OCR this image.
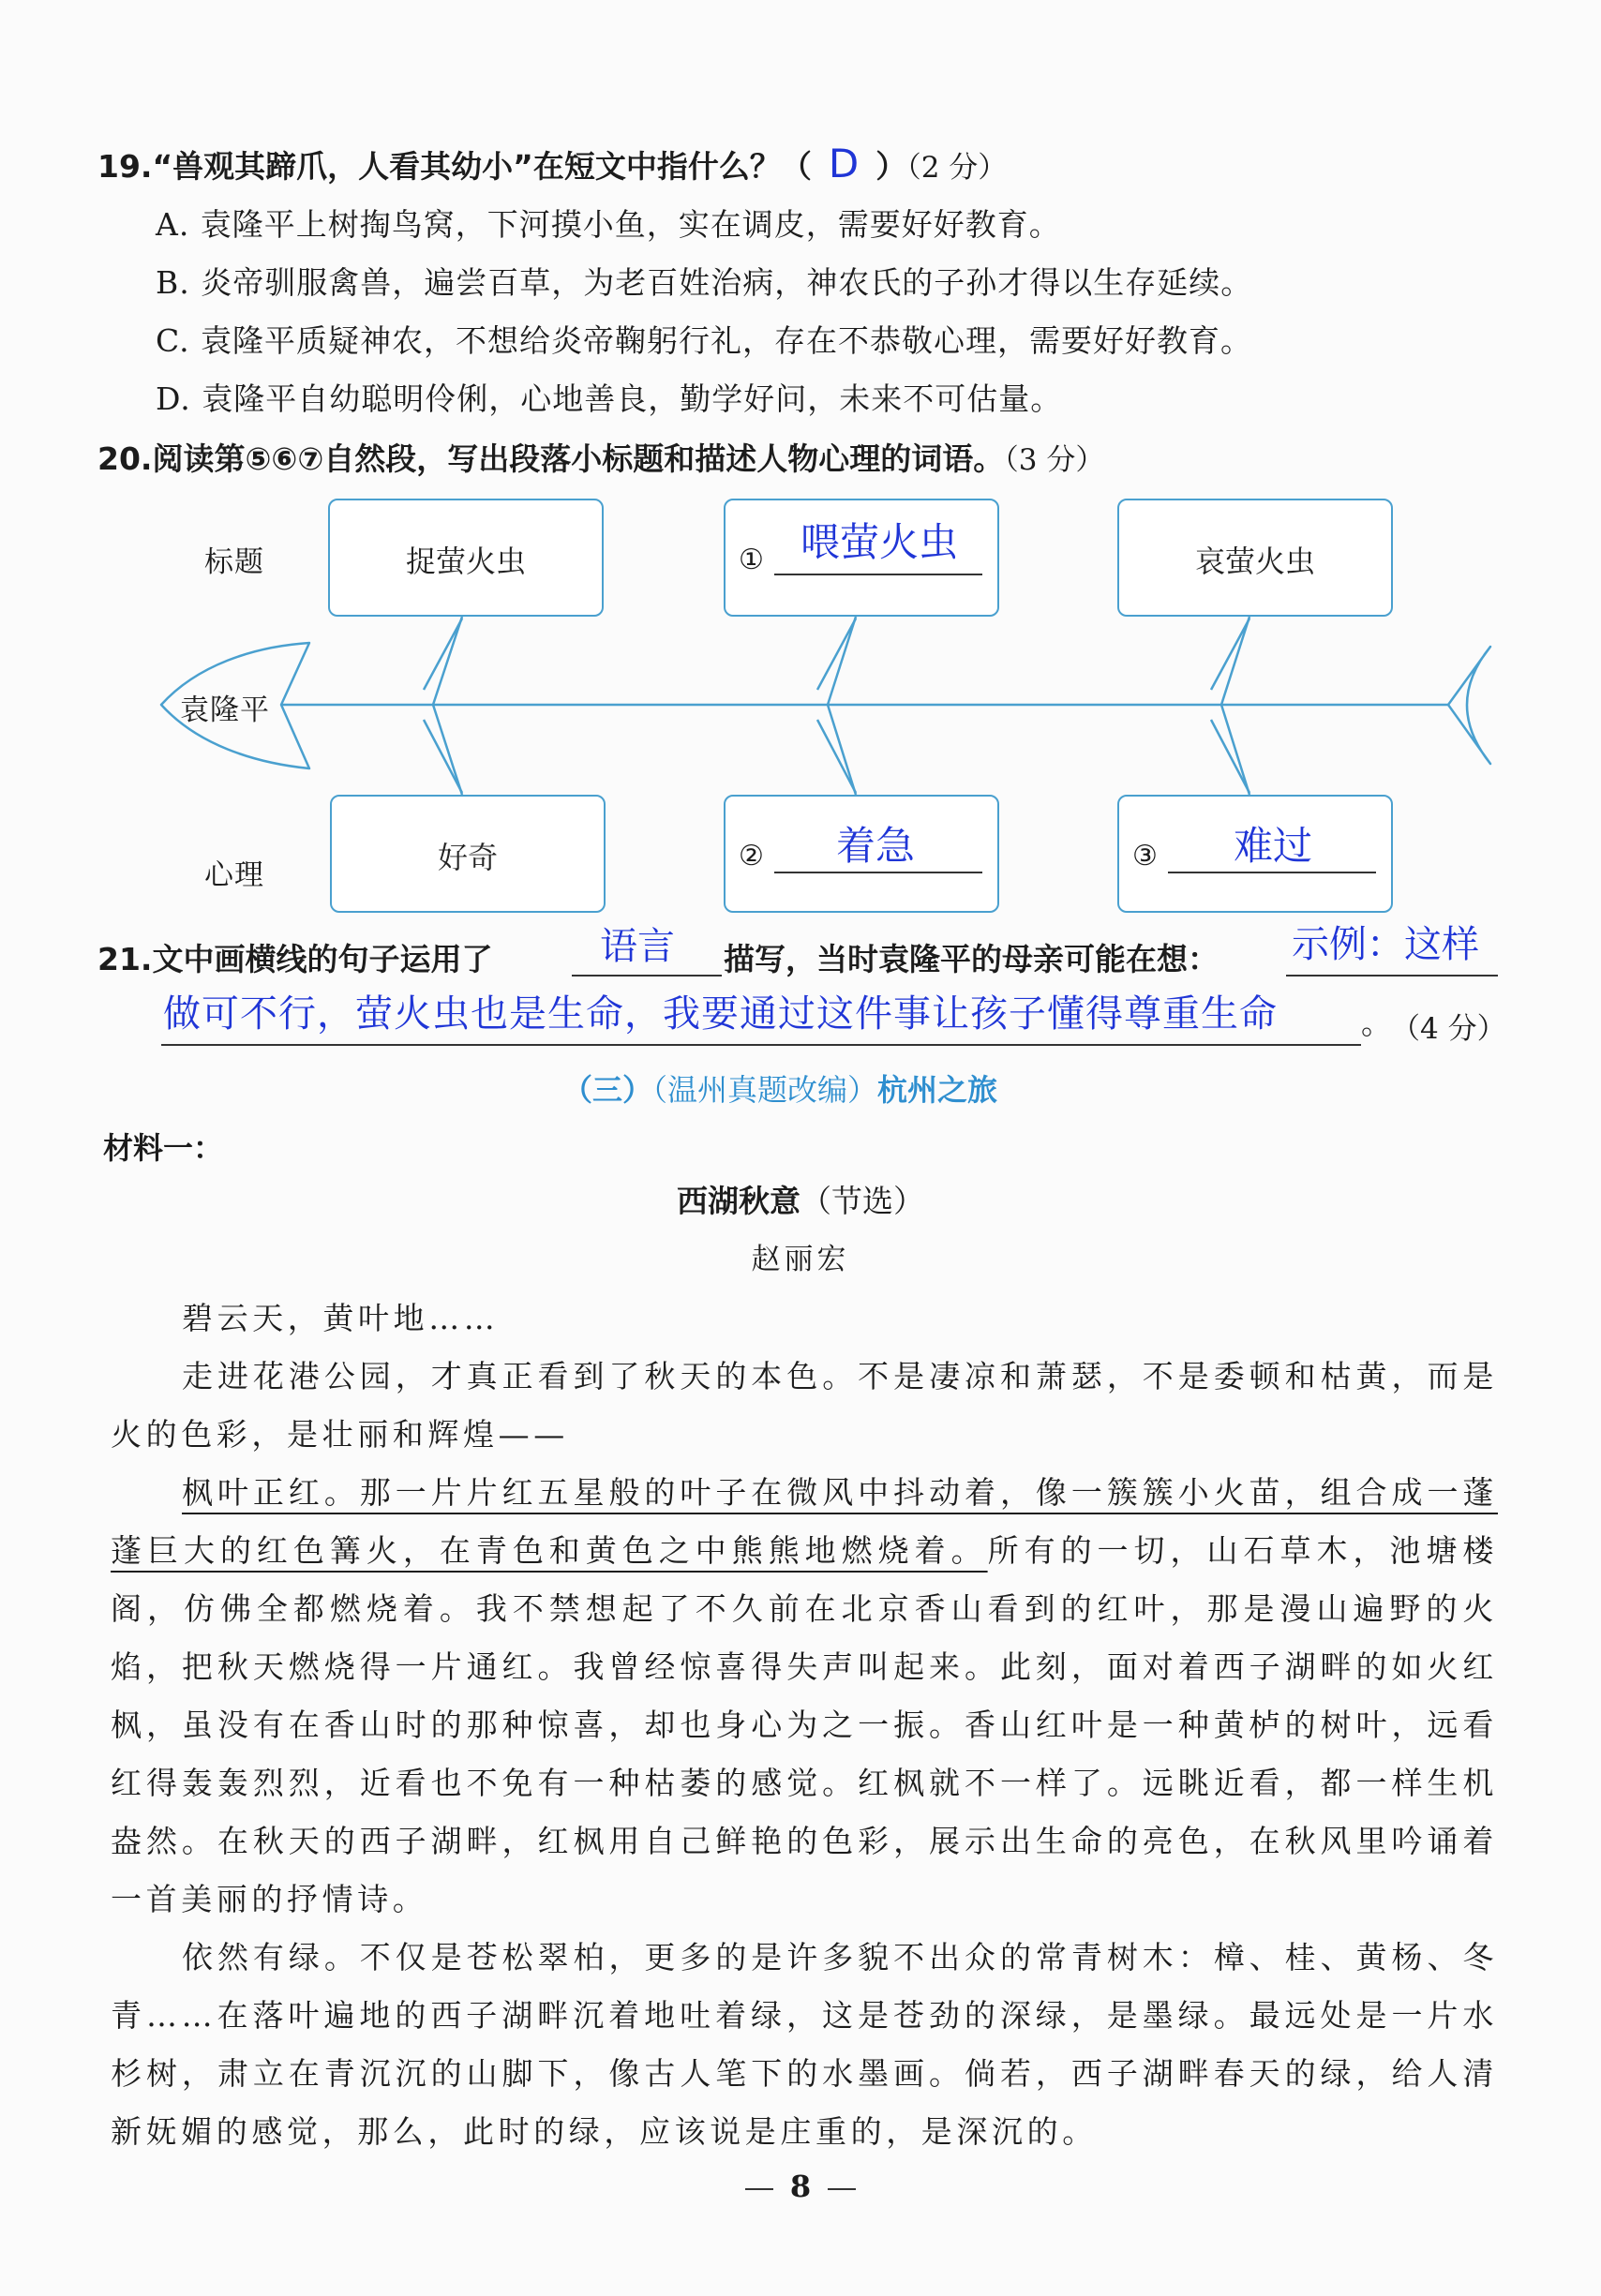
19.“兽观其蹄爪，人看其幼小”在短文中指什么？（ D ）（2 分）
A. 袁隆平上树掏鸟窝，下河摸小鱼，实在调皮，需要好好教育。
B. 炎帝驯服禽兽，遍尝百草，为老百姓治病，神农氏的子孙才得以生存延续。
C. 袁隆平质疑神农，不想给炎帝鞠躬行礼，存在不恭敬心理，需要好好教育。
D. 袁隆平自幼聪明伶俐，心地善良，勤学好问，未来不可估量。
20.阅读第⑤⑥⑦自然段，写出段落小标题和描述人物心理的词语。（3 分）
标题
心理
袁隆平
捉萤火虫	① 喂萤火虫	哀萤火虫
好奇	② 着急	③ 难过
21.文中画横线的句子运用了	语言 描写，当时袁隆平的母亲可能在想： 示例：这样
做可不行，萤火虫也是生命，我要通过这件事让孩子懂得尊重生命	。
（4 分）
（三）（温州真题改编）杭州之旅
材料一：
西湖秋意（节选）
赵丽宏
碧云天，黄叶地……
走进花港公园，才真正看到了秋天的本色。不是凄凉和萧瑟，不是委顿和枯黄，而是火的色彩，是壮丽和辉煌——
枫叶正红。那一片片红五星般的叶子在微风中抖动着，像一簇簇小火苗，组合成一蓬蓬巨大的红色篝火，在青色和黄色之中熊熊地燃烧着。所有的一切，山石草木，池塘楼阁，仿佛全都燃烧着。我不禁想起了不久前在北京香山看到的红叶，那是漫山遍野的火焰，把秋天燃烧得一片通红。我曾经惊喜得失声叫起来。此刻，面对着西子湖畔的如火红枫，虽没有在香山时的那种惊喜，却也身心为之一振。香山红叶是一种黄栌的树叶，远看红得轰轰烈烈，近看也不免有一种枯萎的感觉。红枫就不一样了。远眺近看，都一样生机盎然。在秋天的西子湖畔，红枫用自己鲜艳的色彩，展示出生命的亮色，在秋风里吟诵着一首美丽的抒情诗。
依然有绿。不仅是苍松翠柏，更多的是许多貌不出众的常青树木：樟、桂、黄杨、冬青……在落叶遍地的西子湖畔沉着地吐着绿，这是苍劲的深绿，是墨绿。最远处是一片水杉树，肃立在青沉沉的山脚下，像古人笔下的水墨画。倘若，西子湖畔春天的绿，给人清新妩媚的感觉，那么，此时的绿，应该说是庄重的，是深沉的。
8
